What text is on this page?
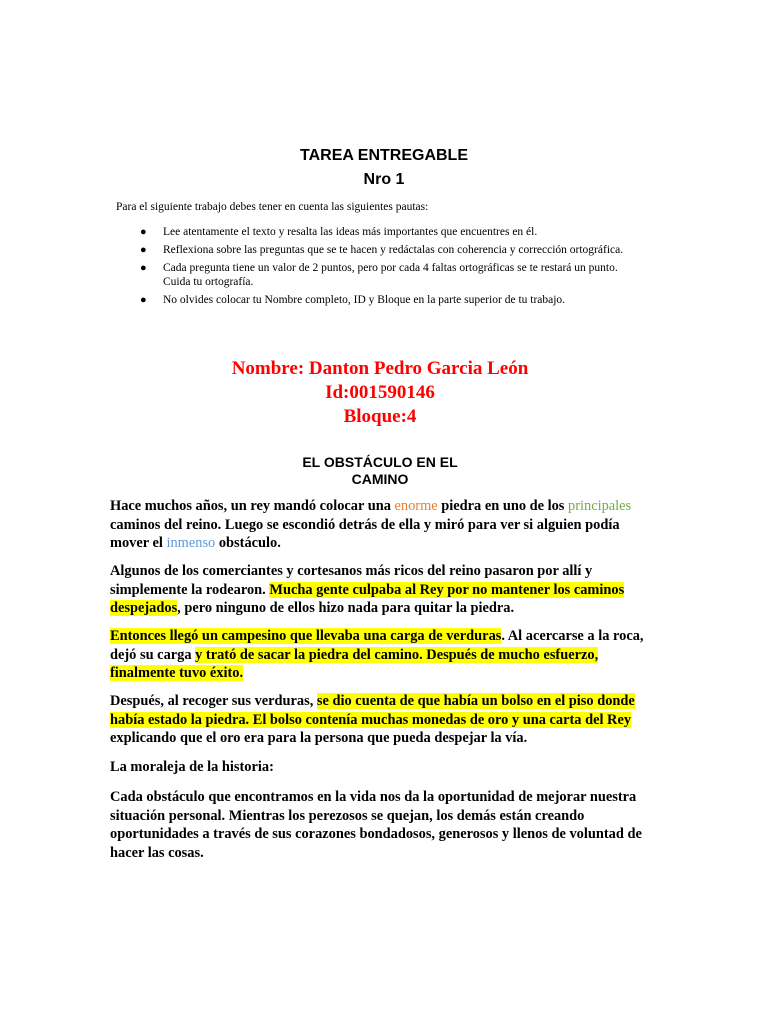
TAREA ENTREGABLE
Nro 1
Para el siguiente trabajo debes tener en cuenta las siguientes pautas:
● Lee atentamente el texto y resalta las ideas más importantes que encuentres en él.
● Reflexiona sobre las preguntas que se te hacen y redáctalas con coherencia y corrección ortográfica.
● Cada pregunta tiene un valor de 2 puntos, pero por cada 4 faltas ortográficas se te restará un punto. Cuida tu ortografía.
● No olvides colocar tu Nombre completo, ID y Bloque en la parte superior de tu trabajo.
Nombre: Danton Pedro Garcia León
Id:001590146
Bloque:4
EL OBSTÁCULO EN EL
CAMINO

Hace muchos años, un rey mandó colocar una enorme piedra en uno de los principales caminos del reino. Luego se escondió detrás de ella y miró para ver si alguien podía mover el inmenso obstáculo.

Algunos de los comerciantes y cortesanos más ricos del reino pasaron por allí y simplemente la rodearon. Mucha gente culpaba al Rey por no mantener los caminos despejados, pero ninguno de ellos hizo nada para quitar la piedra.

Entonces llegó un campesino que llevaba una carga de verduras. Al acercarse a la roca, dejó su carga y trató de sacar la piedra del camino. Después de mucho esfuerzo, finalmente tuvo éxito.

Después, al recoger sus verduras, se dio cuenta de que había un bolso en el piso donde había estado la piedra. El bolso contenía muchas monedas de oro y una carta del Rey explicando que el oro era para la persona que pueda despejar la vía.

La moraleja de la historia:

Cada obstáculo que encontramos en la vida nos da la oportunidad de mejorar nuestra situación personal. Mientras los perezosos se quejan, los demás están creando oportunidades a través de sus corazones bondadosos, generosos y llenos de voluntad de hacer las cosas.
